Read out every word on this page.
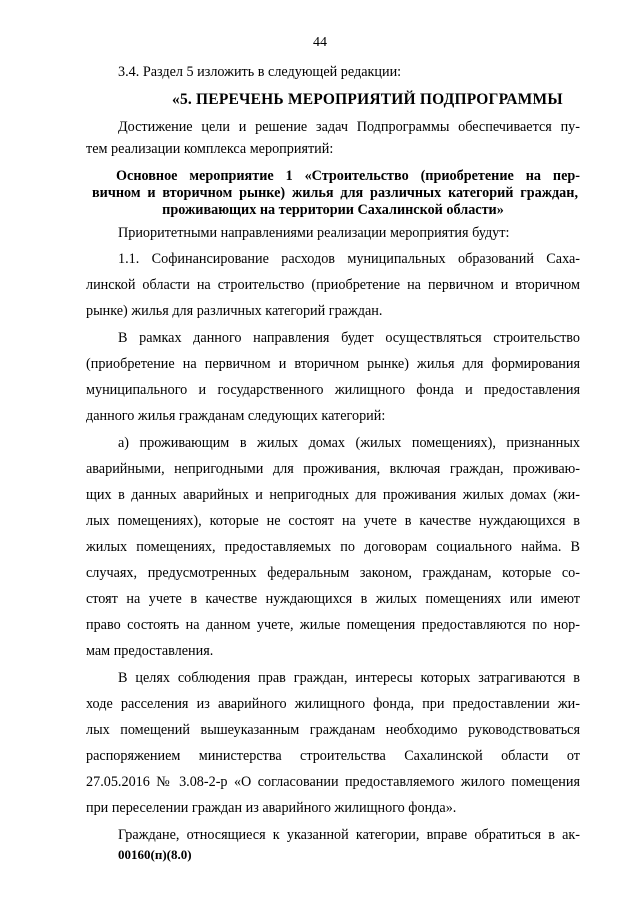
44
3.4. Раздел 5 изложить в следующей редакции:
«5. ПЕРЕЧЕНЬ МЕРОПРИЯТИЙ ПОДПРОГРАММЫ
Достижение цели и решение задач Подпрограммы обеспечивается пу-
тем реализации комплекса мероприятий:
Основное мероприятие 1 «Строительство (приобретение на пер-
вичном и вторичном рынке) жилья для различных категорий граждан,
проживающих на территории Сахалинской области»
Приоритетными направлениями реализации мероприятия будут:
1.1. Софинансирование расходов муниципальных образований Саха-
линской области на строительство (приобретение на первичном и вторичном
рынке) жилья для различных категорий граждан.
В рамках данного направления будет осуществляться строительство
(приобретение на первичном и вторичном рынке) жилья для формирования
муниципального и государственного жилищного фонда и предоставления
данного жилья гражданам следующих категорий:
а) проживающим в жилых домах (жилых помещениях), признанных
аварийными, непригодными для проживания, включая граждан, проживаю-
щих в данных аварийных и непригодных для проживания жилых домах (жи-
лых помещениях), которые не состоят на учете в качестве нуждающихся в
жилых помещениях, предоставляемых по договорам социального найма. В
случаях, предусмотренных федеральным законом, гражданам, которые со-
стоят на учете в качестве нуждающихся в жилых помещениях или имеют
право состоять на данном учете, жилые помещения предоставляются по нор-
мам предоставления.
В целях соблюдения прав граждан, интересы которых затрагиваются в
ходе расселения из аварийного жилищного фонда, при предоставлении жи-
лых помещений вышеуказанным гражданам необходимо руководствоваться
распоряжением министерства строительства Сахалинской области от
27.05.2016 № 3.08-2-р «О согласовании предоставляемого жилого помещения
при переселении граждан из аварийного жилищного фонда».
Граждане, относящиеся к указанной категории, вправе обратиться в ак-
00160(п)(8.0)
